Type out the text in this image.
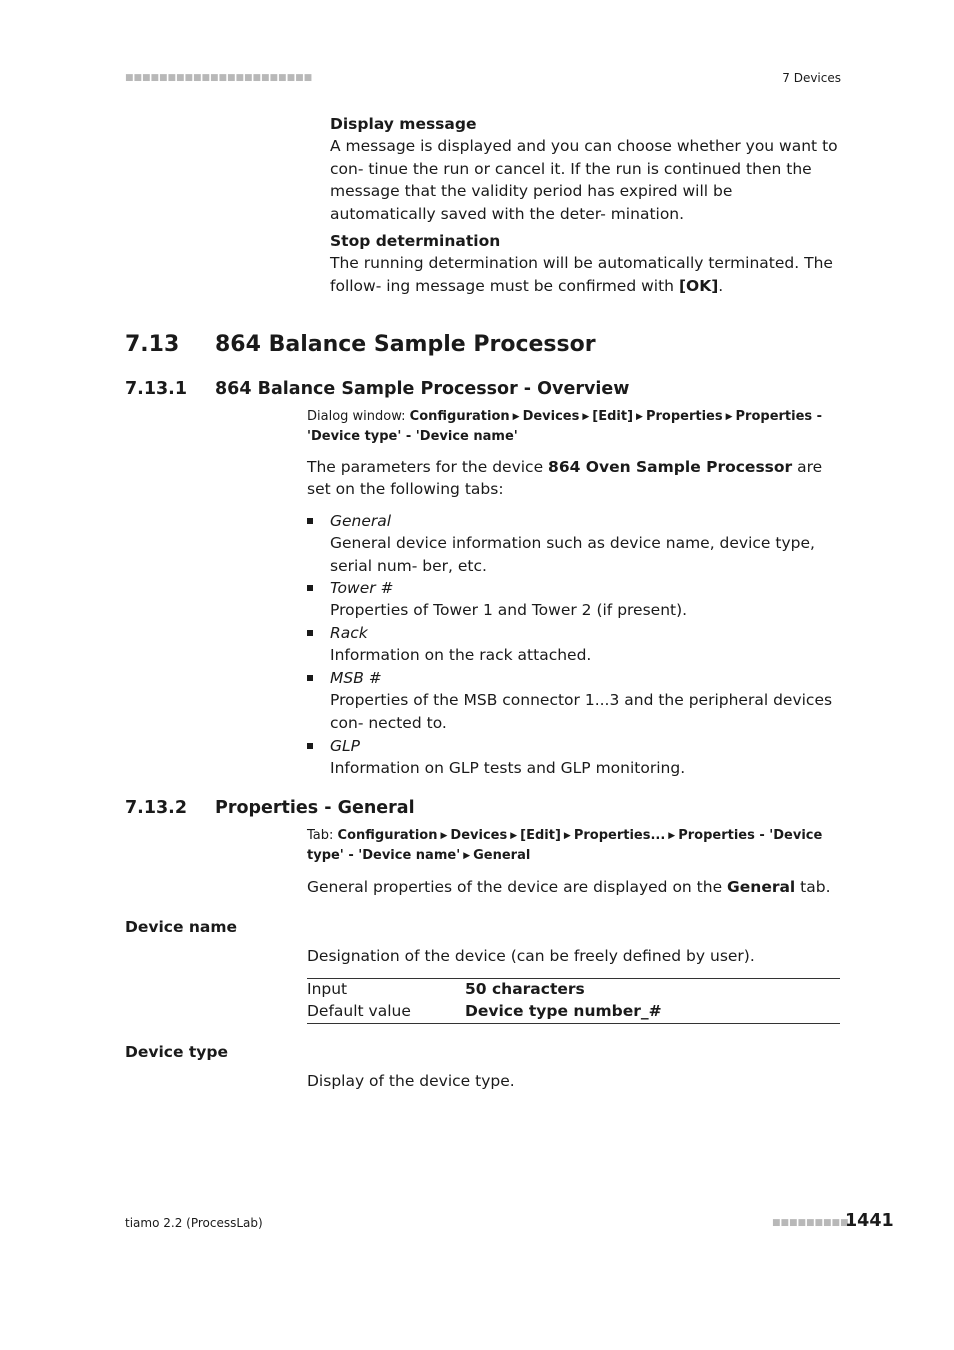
■■■■■■■■■■■■■■■■■■■■■■	7 Devices
Display message
A message is displayed and you can choose whether you want to con- tinue the run or cancel it. If the run is continued then the message that the validity period has expired will be automatically saved with the deter- mination.
Stop determination
The running determination will be automatically terminated. The follow- ing message must be confirmed with [OK].
7.13 864 Balance Sample Processor
7.13.1 864 Balance Sample Processor - Overview
Dialog window: Configuration ▶ Devices ▶ [Edit] ▶ Properties ▶ Properties - 'Device type' - 'Device name'
The parameters for the device 864 Oven Sample Processor are set on the following tabs:
General
General device information such as device name, device type, serial num- ber, etc.
Tower #
Properties of Tower 1 and Tower 2 (if present).
Rack
Information on the rack attached.
MSB #
Properties of the MSB connector 1...3 and the peripheral devices con- nected to.
GLP
Information on GLP tests and GLP monitoring.
7.13.2 Properties - General
Tab: Configuration ▶ Devices ▶ [Edit] ▶ Properties... ▶ Properties - 'Device type' - 'Device name' ▶ General
General properties of the device are displayed on the General tab.
Device name
Designation of the device (can be freely defined by user).
Input	50 characters
Default value	Device type number_#
Device type
Display of the device type.
tiamo 2.2 (ProcessLab)	■■■■■■■■■
1441
